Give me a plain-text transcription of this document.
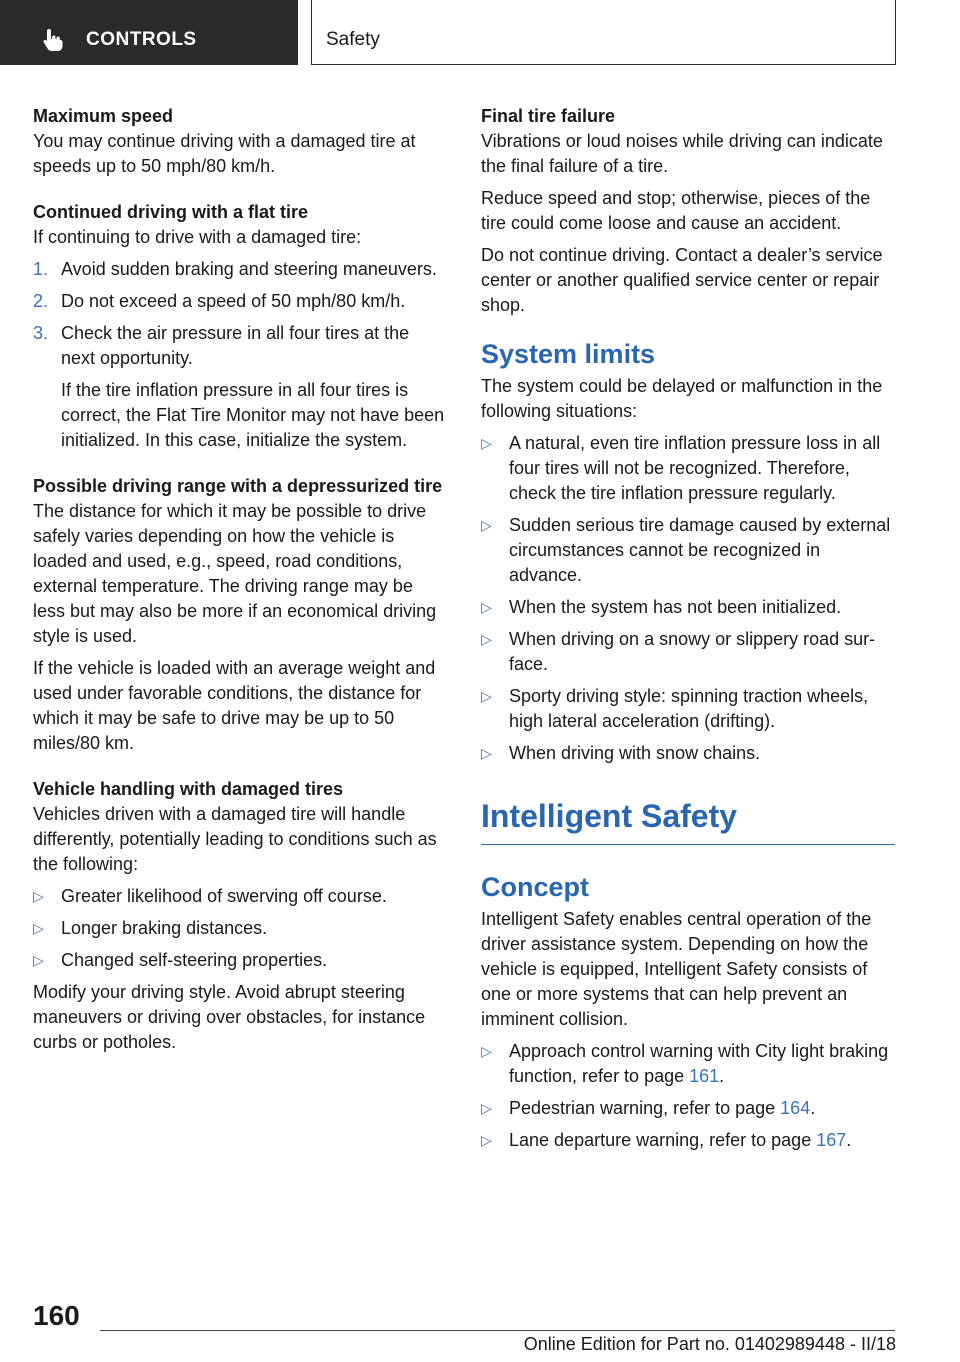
CONTROLS	Safety
Maximum speed
You may continue driving with a damaged tire at speeds up to 50 mph/80 km/h.
Continued driving with a flat tire
If continuing to drive with a damaged tire:
1. Avoid sudden braking and steering maneuvers.
2. Do not exceed a speed of 50 mph/80 km/h.
3. Check the air pressure in all four tires at the next opportunity.
If the tire inflation pressure in all four tires is correct, the Flat Tire Monitor may not have been initialized. In this case, initialize the system.
Possible driving range with a depressurized tire
The distance for which it may be possible to drive safely varies depending on how the vehicle is loaded and used, e.g., speed, road conditions, external temperature. The driving range may be less but may also be more if an economical driving style is used.
If the vehicle is loaded with an average weight and used under favorable conditions, the distance for which it may be safe to drive may be up to 50 miles/80 km.
Vehicle handling with damaged tires
Vehicles driven with a damaged tire will handle differently, potentially leading to conditions such as the following:
▷ Greater likelihood of swerving off course.
▷ Longer braking distances.
▷ Changed self-steering properties.
Modify your driving style. Avoid abrupt steering maneuvers or driving over obstacles, for instance curbs or potholes.
Final tire failure
Vibrations or loud noises while driving can indicate the final failure of a tire.
Reduce speed and stop; otherwise, pieces of the tire could come loose and cause an accident.
Do not continue driving. Contact a dealer’s service center or another qualified service center or repair shop.
System limits
The system could be delayed or malfunction in the following situations:
▷ A natural, even tire inflation pressure loss in all four tires will not be recognized. Therefore, check the tire inflation pressure regularly.
▷ Sudden serious tire damage caused by external circumstances cannot be recognized in advance.
▷ When the system has not been initialized.
▷ When driving on a snowy or slippery road surface.
▷ Sporty driving style: spinning traction wheels, high lateral acceleration (drifting).
▷ When driving with snow chains.
Intelligent Safety
Concept
Intelligent Safety enables central operation of the driver assistance system. Depending on how the vehicle is equipped, Intelligent Safety consists of one or more systems that can help prevent an imminent collision.
▷ Approach control warning with City light braking function, refer to page 161.
▷ Pedestrian warning, refer to page 164.
▷ Lane departure warning, refer to page 167.
160
Online Edition for Part no. 01402989448 - II/18
